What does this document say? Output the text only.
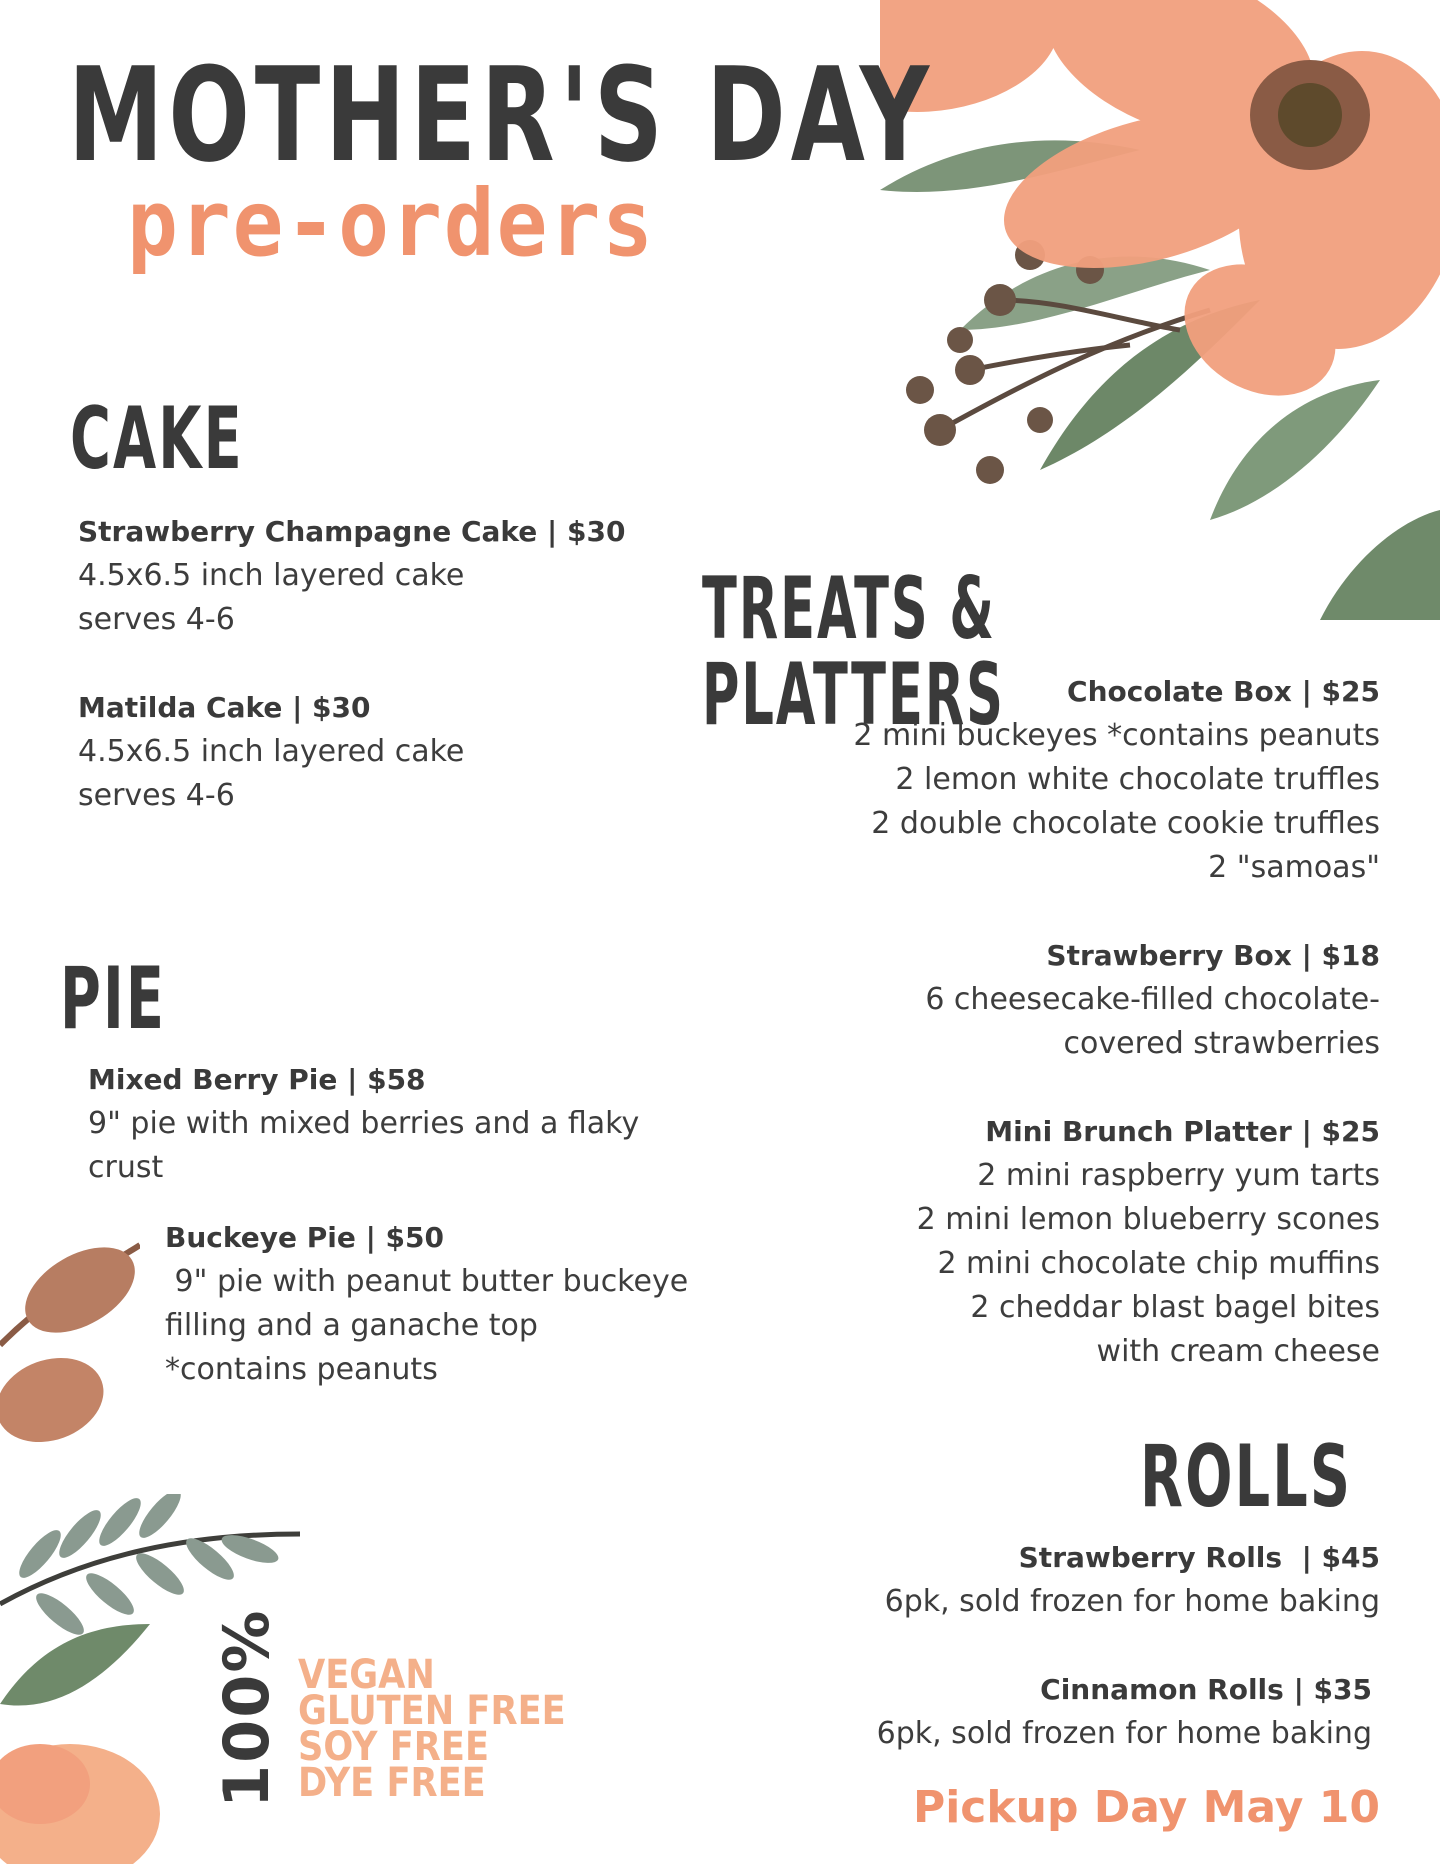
MOTHER'S DAY
pre-orders
CAKE
Strawberry Champagne Cake | $30
4.5x6.5 inch layered cake
serves 4-6
Matilda Cake | $30
4.5x6.5 inch layered cake
serves 4-6
PIE
Mixed Berry Pie | $58
9" pie with mixed berries and a flaky
crust
Buckeye Pie | $50
9" pie with peanut butter buckeye
filling and a ganache top
*contains peanuts
TREATS & PLATTERS	Chocolate Box | $25
2 mini buckeyes *contains peanuts
2 lemon white chocolate truffles
2 double chocolate cookie truffles
2 "samoas"
Strawberry Box | $18
6 cheesecake-filled chocolate-
covered strawberries
Mini Brunch Platter | $25
2 mini raspberry yum tarts
2 mini lemon blueberry scones
2 mini chocolate chip muffins
2 cheddar blast bagel bites
with cream cheese
ROLLS
Strawberry Rolls  | $45
6pk, sold frozen for home baking
Cinnamon Rolls | $35
6pk, sold frozen for home baking
100% VEGAN
GLUTEN FREE
SOY FREE
DYE FREE	Pickup Day May 10
